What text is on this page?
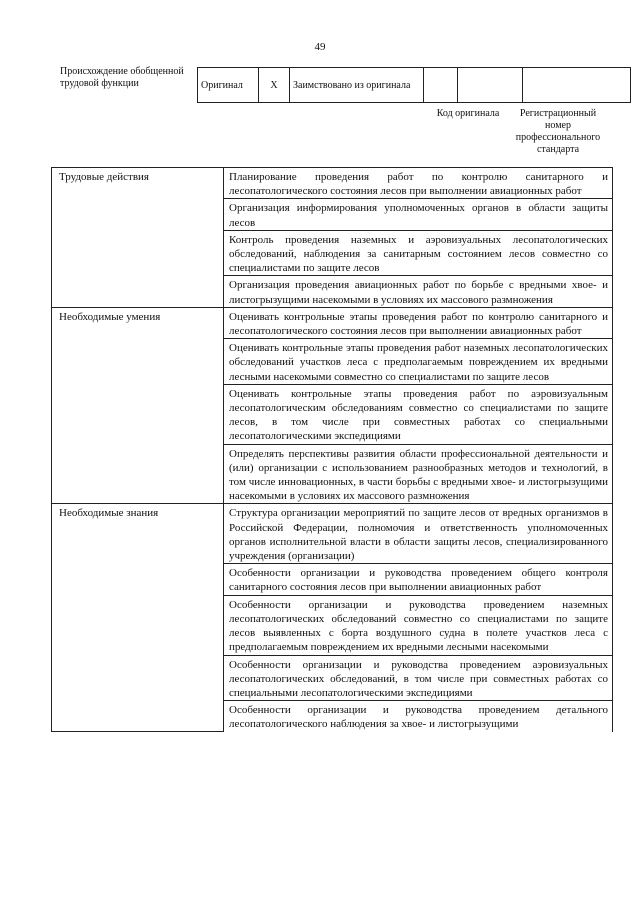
49
Происхождение обобщенной трудовой функции	Оригинал	X	Заимствовано из оригинала			
Код оригинала	Регистрационный номер профессионального стандарта
Трудовые действия	Планирование проведения работ по контролю санитарного и лесопатологического состояния лесов при выполнении авиационных работ
	Организация информирования уполномоченных органов в области защиты лесов
	Контроль проведения наземных и аэровизуальных лесопатологических обследований, наблюдения за санитарным состоянием лесов совместно со специалистами по защите лесов
	Организация проведения авиационных работ по борьбе с вредными хвое- и листогрызущими насекомыми в условиях их массового размножения
Необходимые умения	Оценивать контрольные этапы проведения работ по контролю санитарного и лесопатологического состояния лесов при выполнении авиационных работ
	Оценивать контрольные этапы проведения работ наземных лесопатологических обследований участков леса с предполагаемым повреждением их вредными лесными насекомыми совместно со специалистами по защите лесов
	Оценивать контрольные этапы проведения работ по аэровизуальным лесопатологическим обследованиям совместно со специалистами по защите лесов, в том числе при совместных работах со специальными лесопатологическими экспедициями
	Определять перспективы развития области профессиональной деятельности и (или) организации с использованием разнообразных методов и технологий, в том числе инновационных, в части борьбы с вредными хвое- и листогрызущими насекомыми в условиях их массового размножения
Необходимые знания	Структура организации мероприятий по защите лесов от вредных организмов в Российской Федерации, полномочия и ответственность уполномоченных органов исполнительной власти в области защиты лесов, специализированного учреждения (организации)
	Особенности организации и руководства проведением общего контроля санитарного состояния лесов при выполнении авиационных работ
	Особенности организации и руководства проведением наземных лесопатологических обследований совместно со специалистами по защите лесов выявленных с борта воздушного судна в полете участков леса с предполагаемым повреждением их вредными лесными насекомыми
	Особенности организации и руководства проведением аэровизуальных лесопатологических обследований, в том числе при совместных работах со специальными лесопатологическими экспедициями
	Особенности организации и руководства проведением детального лесопатологического наблюдения за хвое- и листогрызущими
